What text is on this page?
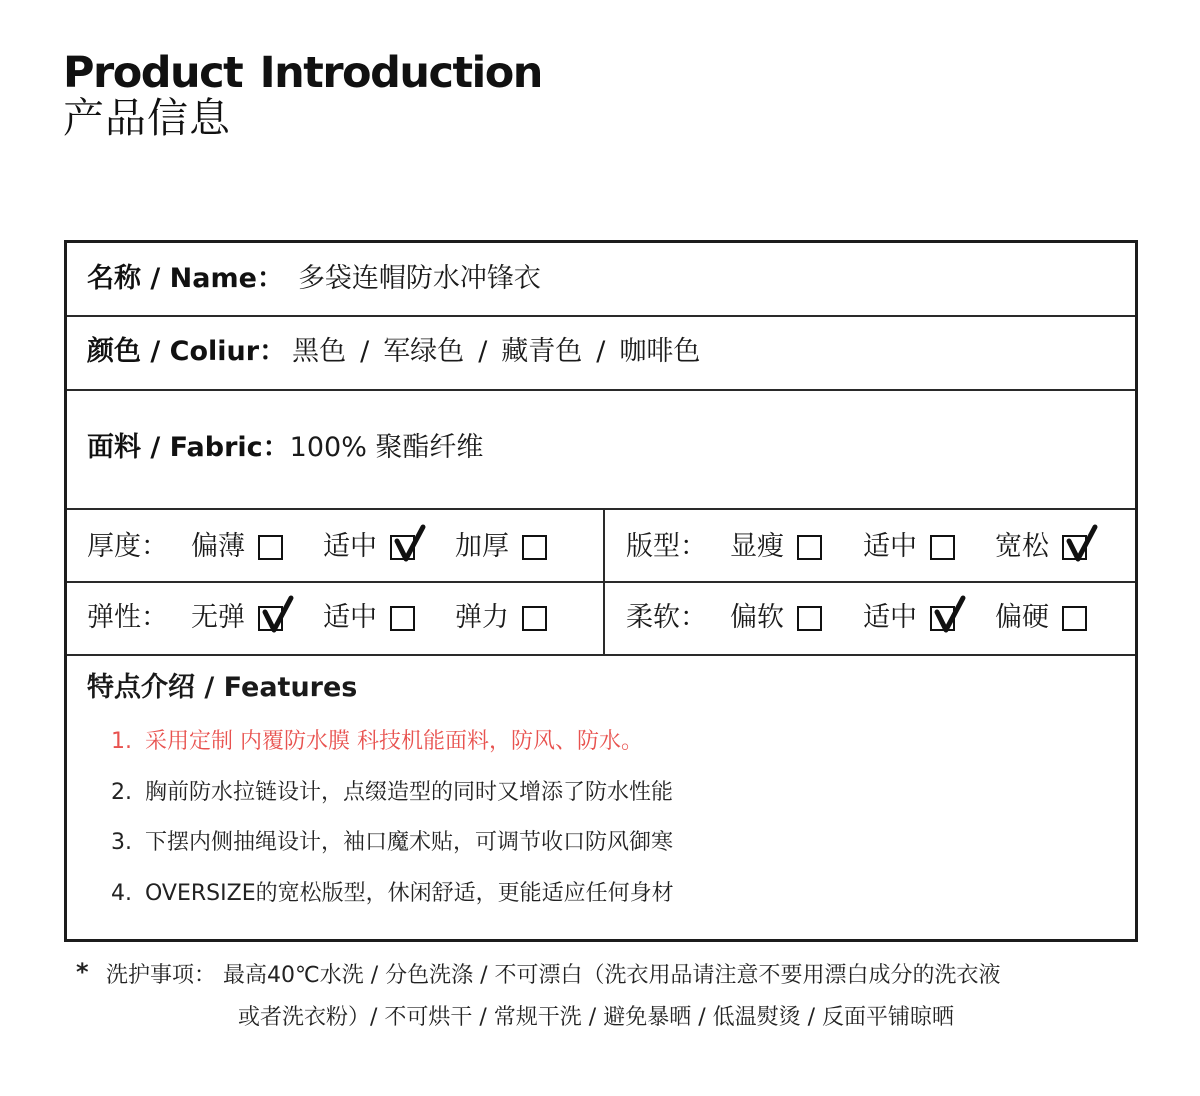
Product Introduction
产品信息
名称 / Name： 多袋连帽防水冲锋衣
颜色 / Coliur： 黑色 / 军绿色 / 藏青色 / 咖啡色
面料 / Fabric：100% 聚酯纤维
厚度： 偏薄	适中	加厚	版型： 显瘦	适中	宽松
弹性： 无弹	适中	弹力	柔软： 偏软	适中	偏硬
特点介绍 / Features
1. 采用定制 内覆防水膜 科技机能面料，防风、防水。
2. 胸前防水拉链设计，点缀造型的同时又增添了防水性能
3. 下摆内侧抽绳设计，袖口魔术贴，可调节收口防风御寒
4. OVERSIZE的宽松版型，休闲舒适，更能适应任何身材
* 洗护事项： 最高40℃水洗 / 分色洗涤 / 不可漂白（洗衣用品请注意不要用漂白成分的洗衣液
或者洗衣粉）/ 不可烘干 / 常规干洗 / 避免暴晒 / 低温熨烫 / 反面平铺晾晒
